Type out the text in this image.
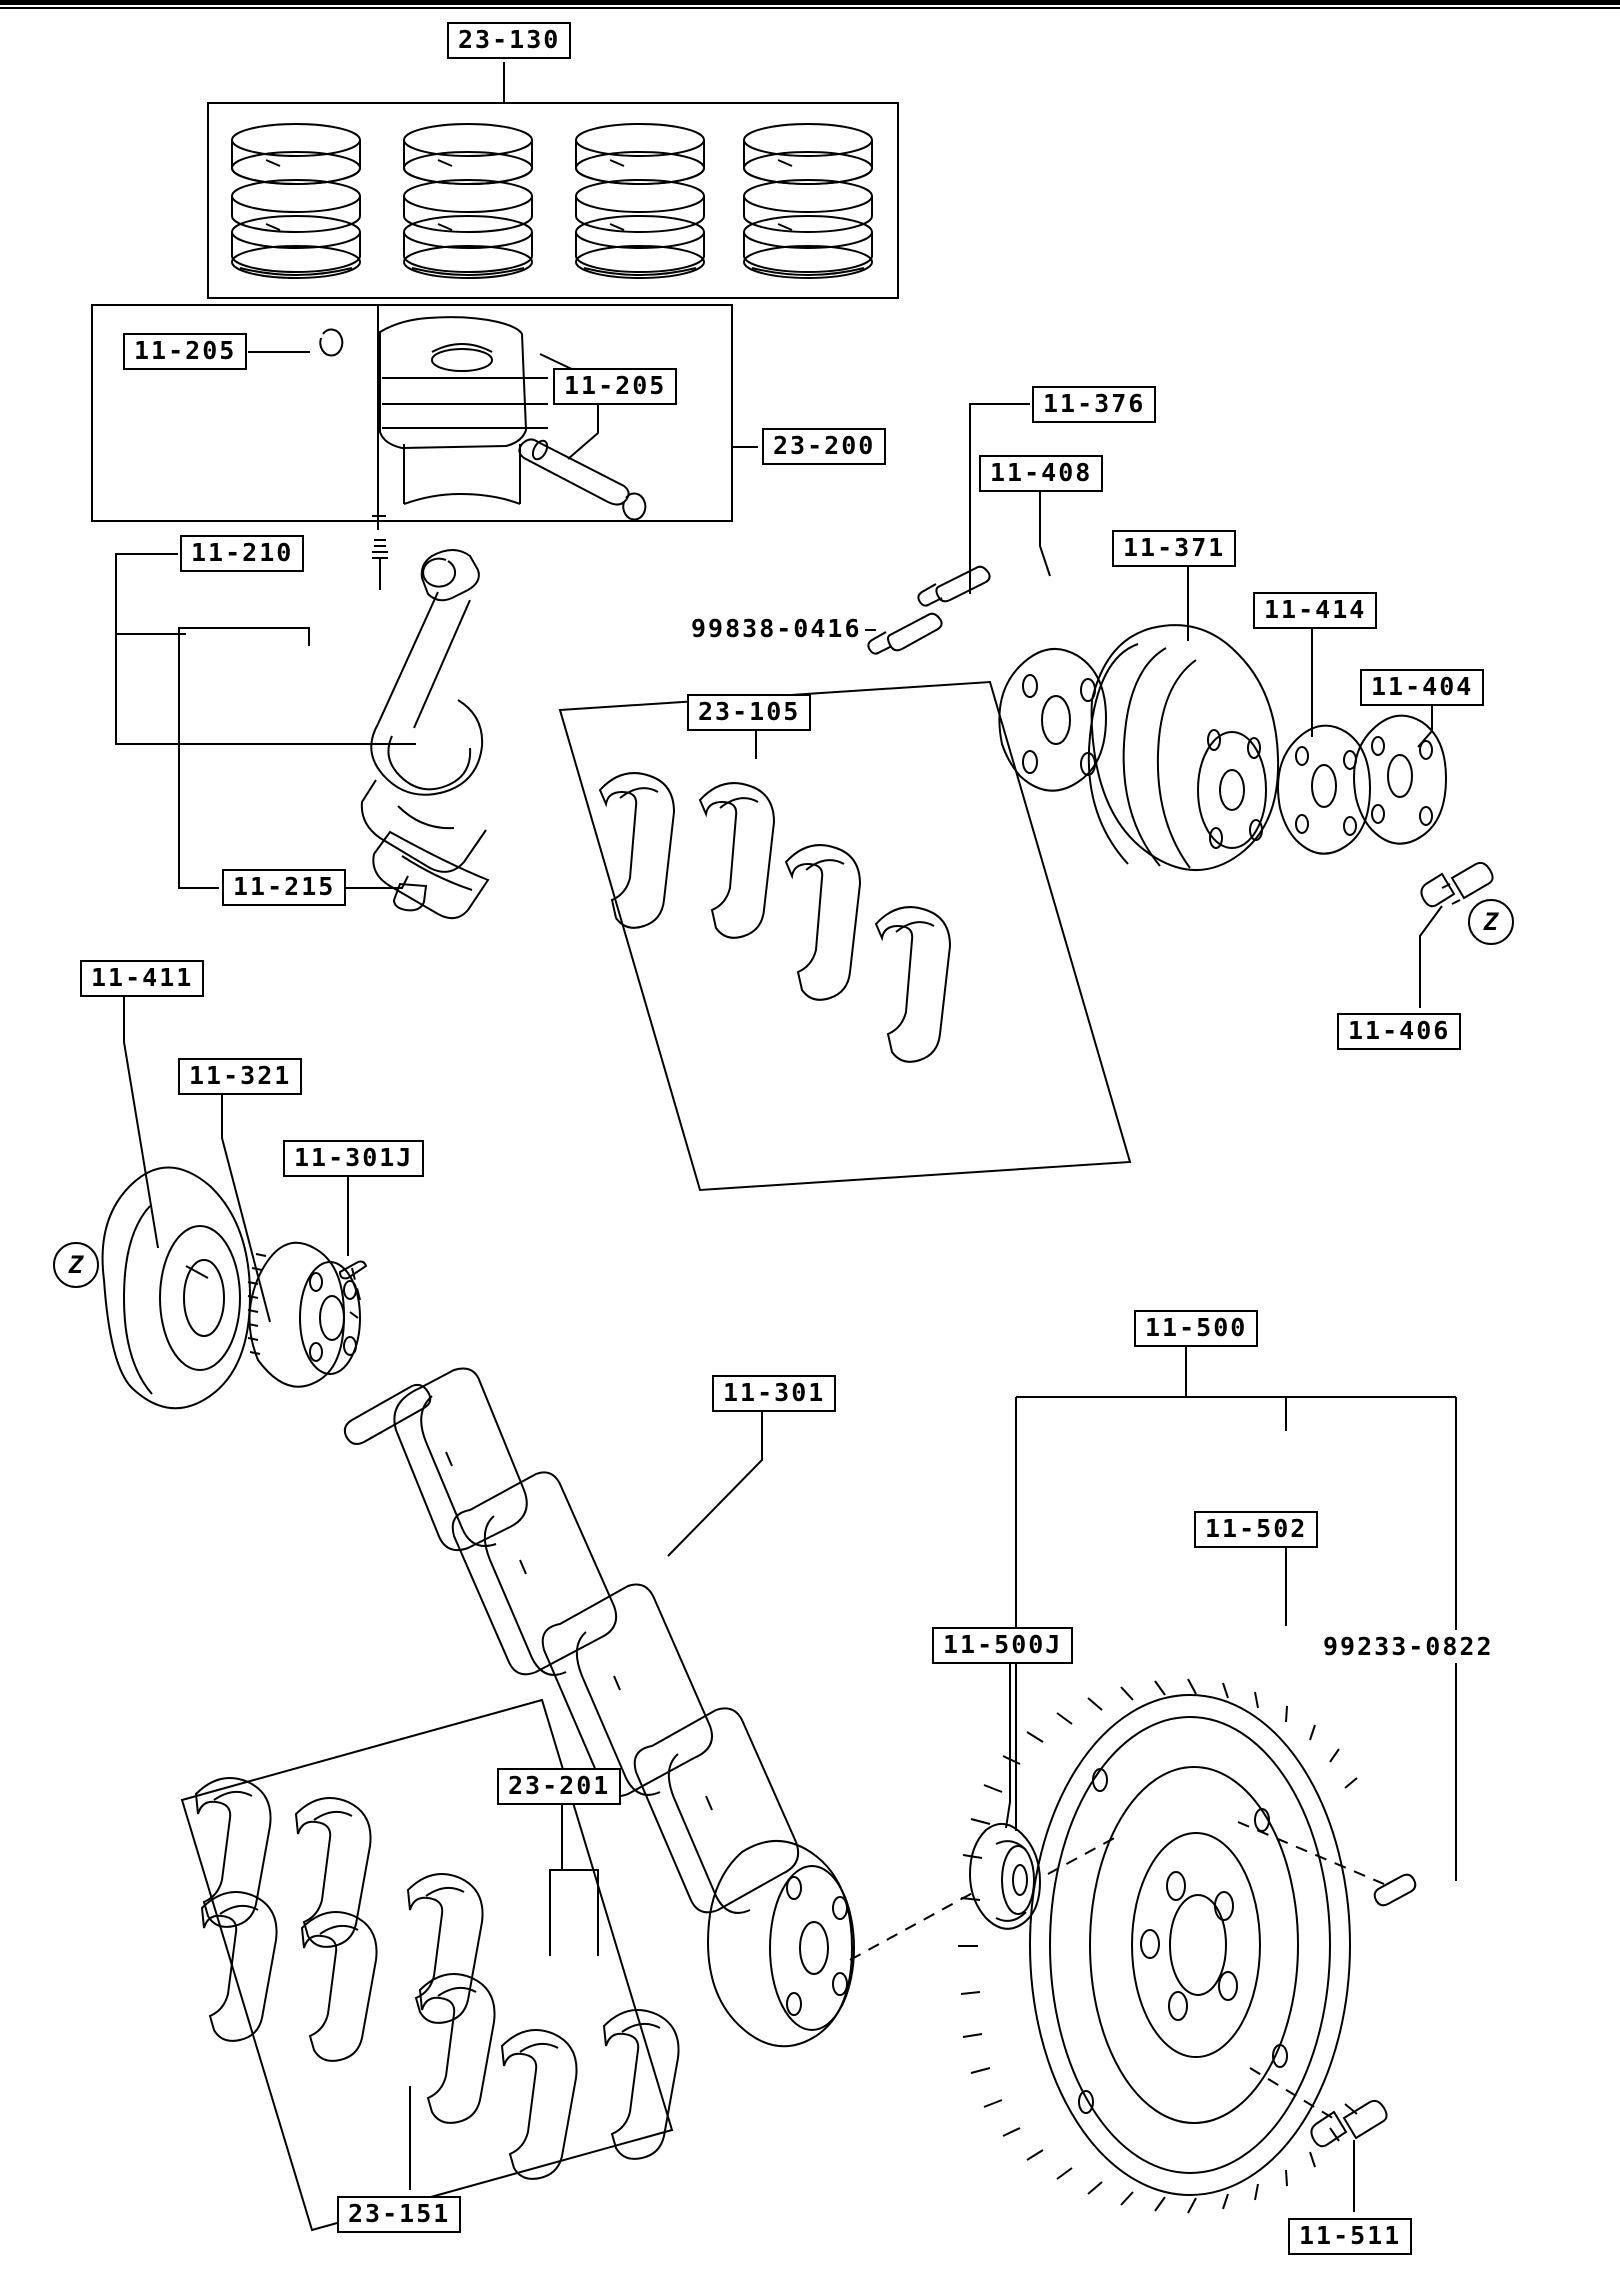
23-130
11-205
11-205
23-200
11-376
11-408
11-371
11-414
11-404
11-210
11-215
99838-0416
23-105
11-406
11-411
11-321
11-301J
11-301
11-500
11-502
99233-0822
11-500J
23-201
23-151
11-511
Z
Z
